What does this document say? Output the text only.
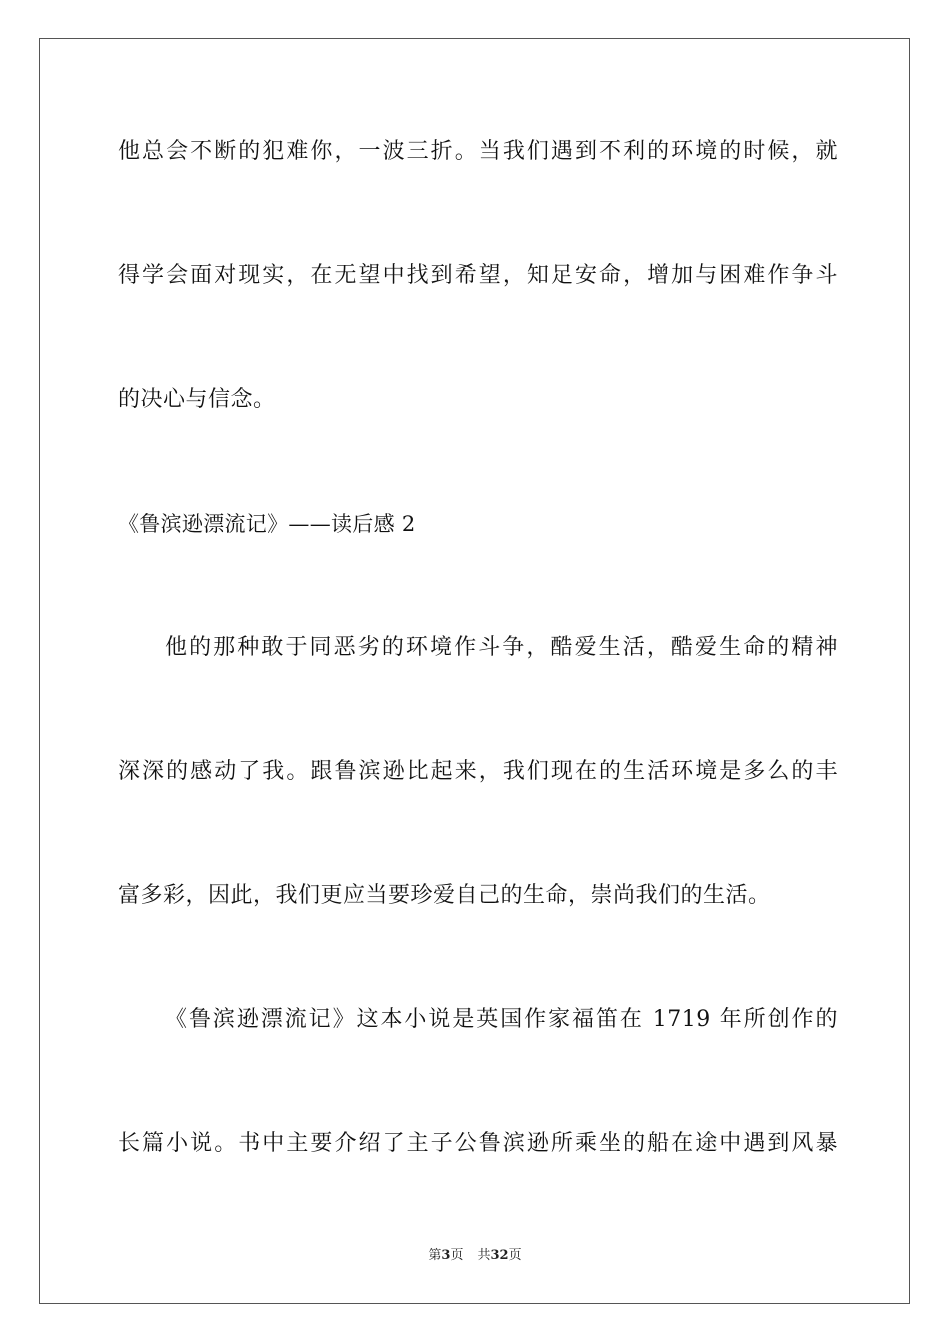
他总会不断的犯难你，一波三折。当我们遇到不利的环境的时候，就
得学会面对现实，在无望中找到希望，知足安命，增加与困难作争斗
的决心与信念。
《鲁滨逊漂流记》——读后感 2
他的那种敢于同恶劣的环境作斗争，酷爱生活，酷爱生命的精神
深深的感动了我。跟鲁滨逊比起来，我们现在的生活环境是多么的丰
富多彩，因此，我们更应当要珍爱自己的生命，崇尚我们的生活。
《鲁滨逊漂流记》这本小说是英国作家福笛在 1719 年所创作的
长篇小说。书中主要介绍了主子公鲁滨逊所乘坐的船在途中遇到风暴
第3页 共32页
